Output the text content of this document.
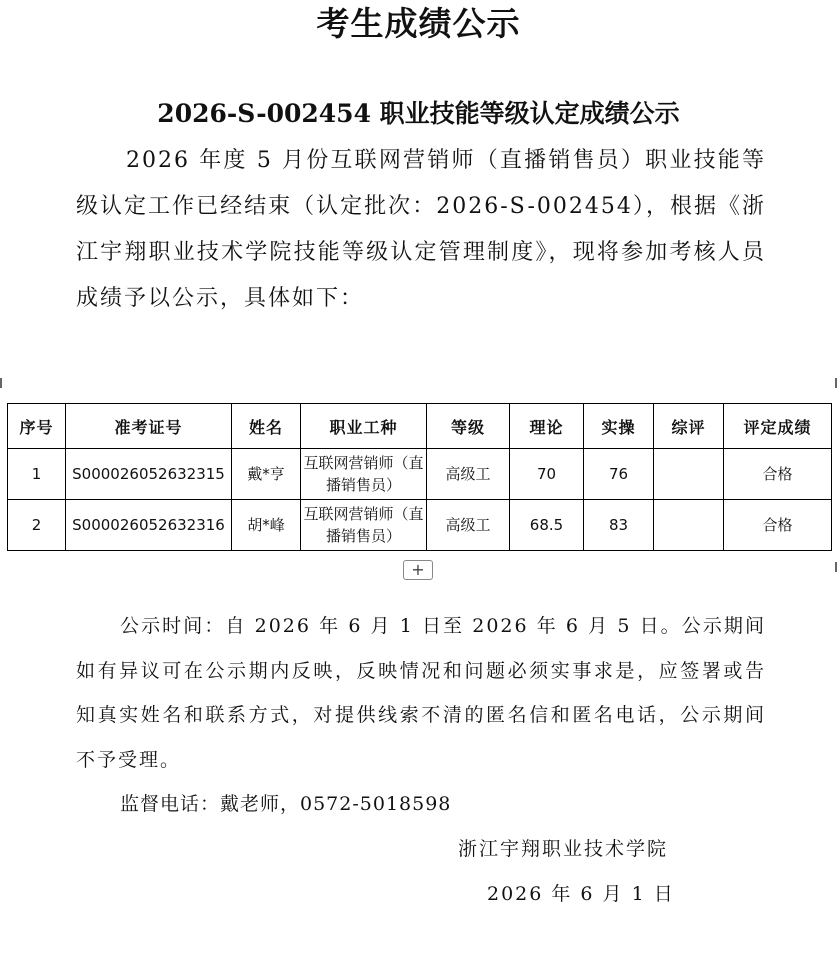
考生成绩公示
2026-S-002454 职业技能等级认定成绩公示

2026 年度 5 月份互联网营销师（直播销售员）职业技能等级认定工作已经结束（认定批次：2026-S-002454），根据《浙江宇翔职业技术学院技能等级认定管理制度》，现将参加考核人员成绩予以公示，具体如下：

序号	准考证号	姓名	职业工种	等级	理论	实操	综评	评定成绩
1	S000026052632315	戴*亨	互联网营销师（直播销售员）	高级工	70	76		合格
2	S000026052632316	胡*峰	互联网营销师（直播销售员）	高级工	68.5	83		合格
+

公示时间：自 2026 年 6 月 1 日至 2026 年 6 月 5 日。公示期间如有异议可在公示期内反映，反映情况和问题必须实事求是，应签署或告知真实姓名和联系方式，对提供线索不清的匿名信和匿名电话，公示期间不予受理。

监督电话：戴老师，0572-5018598

浙江宇翔职业技术学院

2026 年 6 月 1 日
